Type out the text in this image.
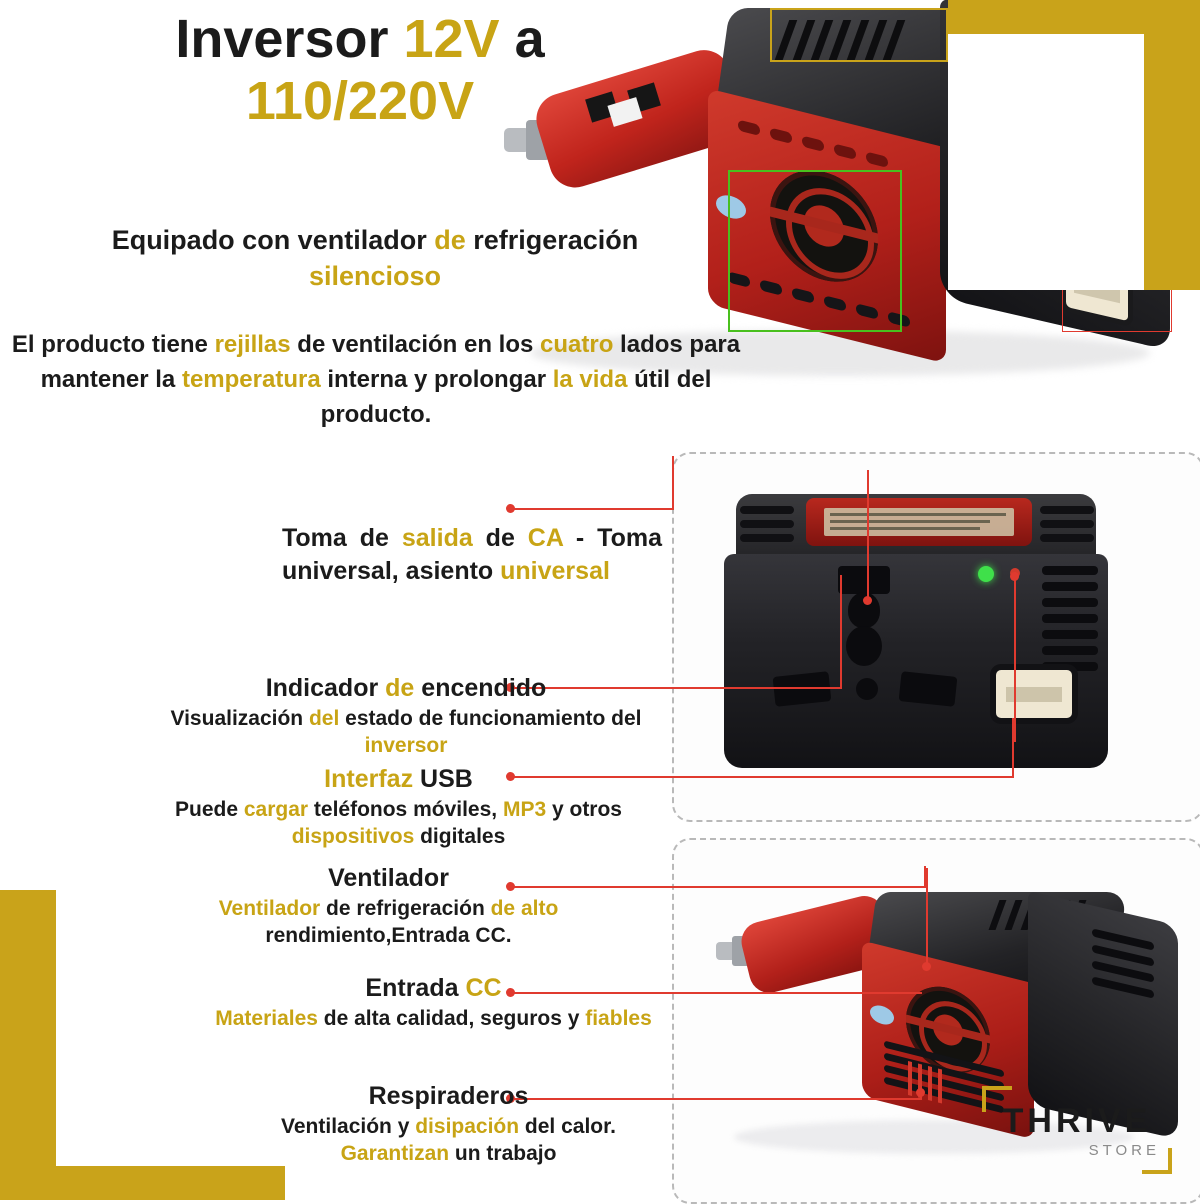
Inversor 12V a
110/220V
Equipado con ventilador de refrigeración
silencioso
El producto tiene rejillas de ventilación en los cuatro lados para mantener la temperatura interna y prolongar la vida útil del producto.
Toma de salida de CA - Toma universal, asiento universal
Indicador de encendido
Visualización del estado de funcionamiento del inversor
Interfaz USB
Puede cargar teléfonos móviles, MP3 y otros dispositivos digitales
Ventilador
Ventilador de refrigeración de alto rendimiento,Entrada CC.
Entrada CC
Materiales de alta calidad, seguros y fiables
Respiraderos
Ventilación y disipación del calor.
Garantizan un trabajo
THRIVE
STORE
